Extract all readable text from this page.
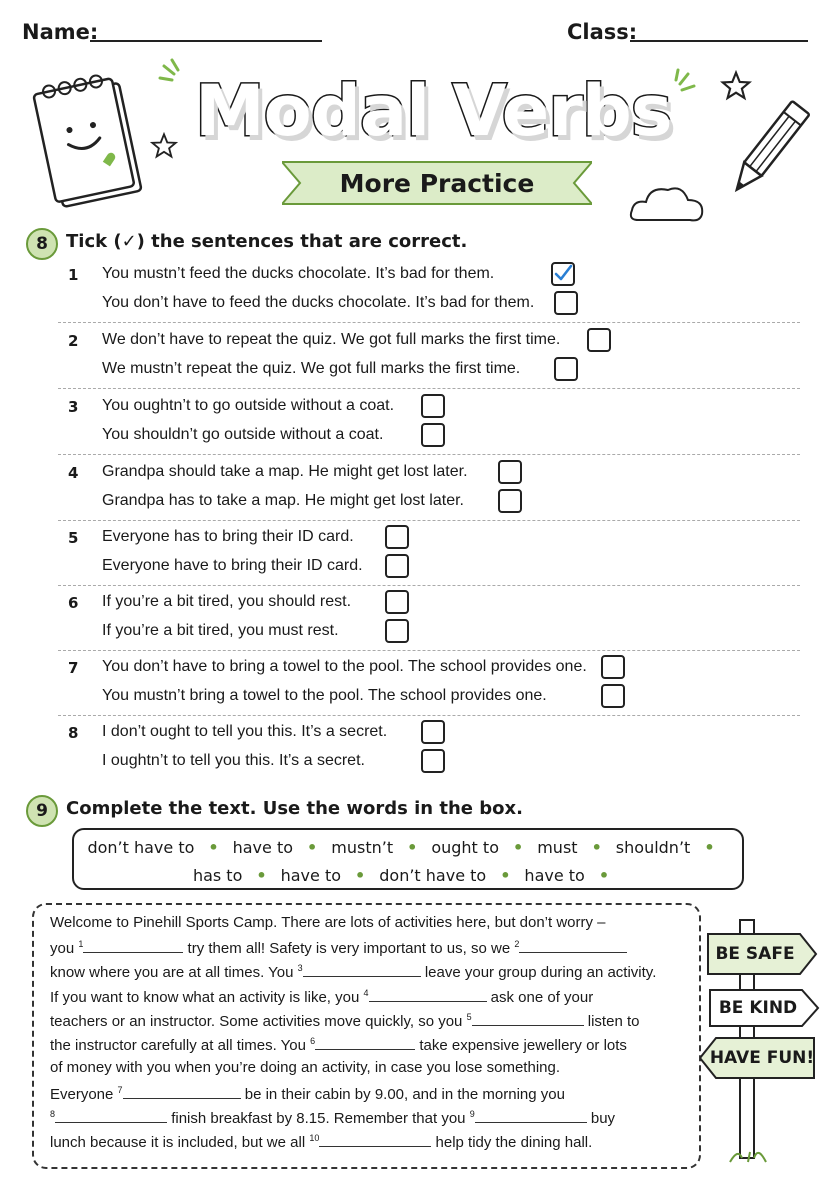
Name:	Class:
Modal Verbs
More Practice
8	Tick (✓) the sentences that are correct.
1 You mustn’t feed the ducks chocolate. It’s bad for them.
You don’t have to feed the ducks chocolate. It’s bad for them.
2 We don’t have to repeat the quiz. We got full marks the first time.
We mustn’t repeat the quiz. We got full marks the first time.
3 You oughtn’t to go outside without a coat.
You shouldn’t go outside without a coat.
4 Grandpa should take a map. He might get lost later.
Grandpa has to take a map. He might get lost later.
5 Everyone has to bring their ID card.
Everyone have to bring their ID card.
6 If you’re a bit tired, you should rest.
If you’re a bit tired, you must rest.
7 You don’t have to bring a towel to the pool. The school provides one.
You mustn’t bring a towel to the pool. The school provides one.
8 I don’t ought to tell you this. It’s a secret.
I oughtn’t to tell you this. It’s a secret.
9	Complete the text. Use the words in the box.
don’t have to • have to • mustn’t • ought to • must • shouldn’t •
has to • have to • don’t have to • have to •
Welcome to Pinehill Sports Camp. There are lots of activities here, but don’t worry –
you $^1$	try them all! Safety is very important to us, so we $^2$
know where you are at all times. You $^3$	leave your group during an activity.
If you want to know what an activity is like, you $^4$	ask one of your
teachers or an instructor. Some activities move quickly, so you $^5$	listen to
the instructor carefully at all times. You $^6$	take expensive jewellery or lots
of money with you when you’re doing an activity, in case you lose something.
Everyone $^7$	be in their cabin by 9.00, and in the morning you
$^8$	finish breakfast by 8.15. Remember that you $^9$	buy
lunch because it is included, but we all $^{10}$	help tidy the dining hall.
BE SAFE
BE KIND
HAVE FUN!
